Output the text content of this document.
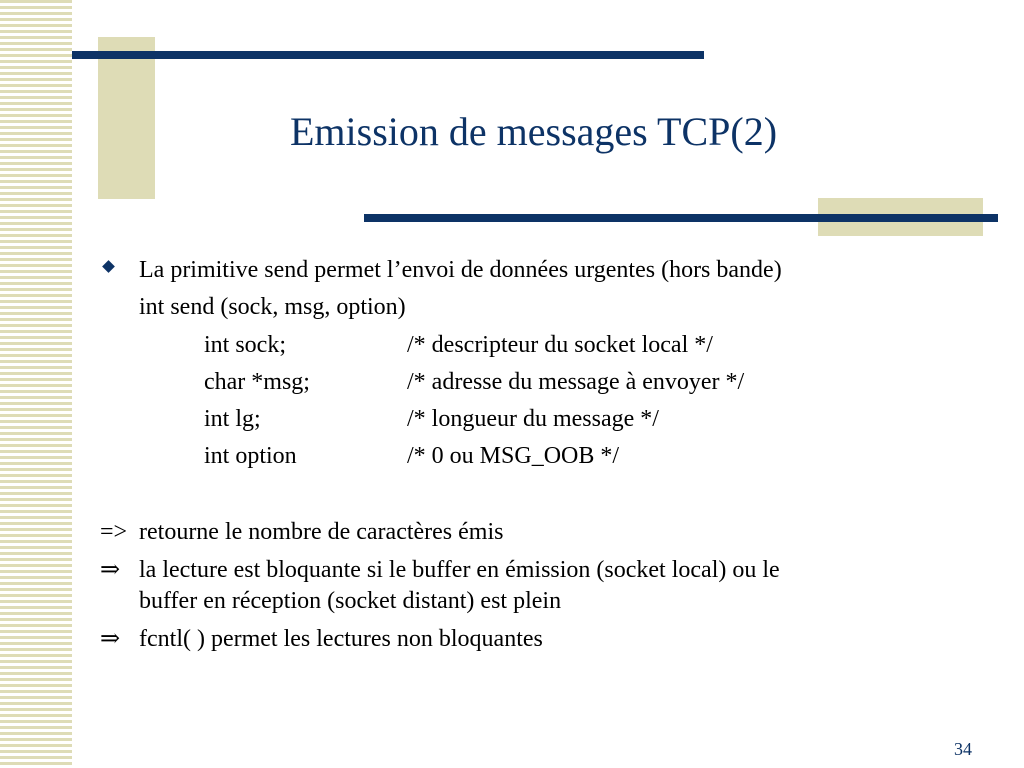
Emission de messages TCP(2)
La primitive send permet l’envoi de données urgentes (hors bande)
int send (sock, msg, option)
int sock;	/* descripteur du socket local */
char *msg;	/* adresse du message à envoyer */
int lg;	/* longueur du message */
int option	/* 0 ou MSG_OOB */
=> retourne le nombre de caractères émis
⇒ la lecture est bloquante si le buffer en émission (socket local) ou le
buffer en réception (socket distant) est plein
⇒ fcntl( ) permet les lectures non bloquantes
34
